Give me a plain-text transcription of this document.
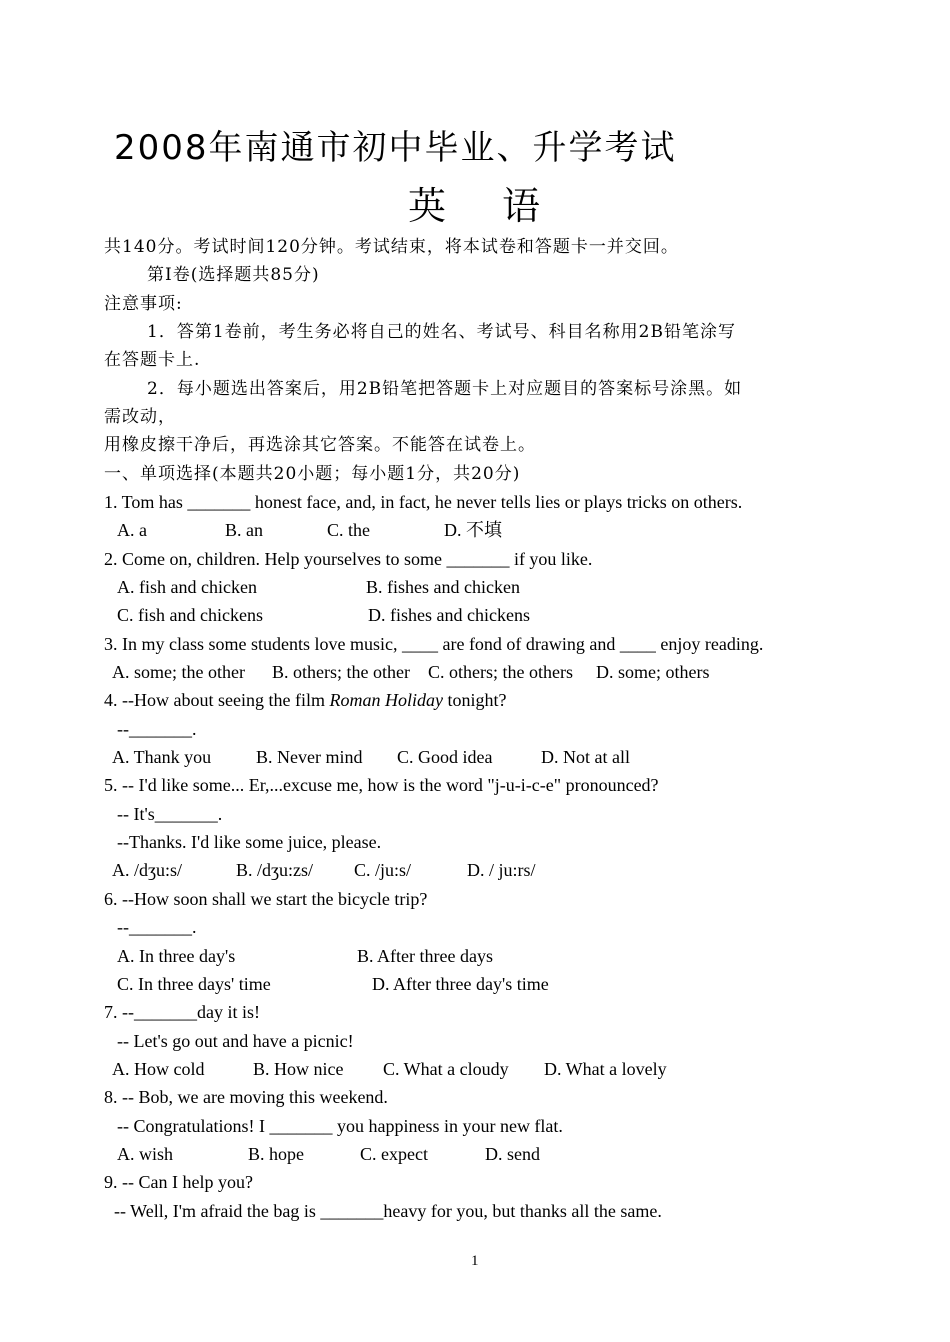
2008年南通市初中毕业、升学考试
英 语
共140分。考试时间120分钟。考试结束，将本试卷和答题卡一并交回。
第Ⅰ卷(选择题共85分)
注意事项:
1．答第1卷前，考生务必将自己的姓名、考试号、科目名称用2B铅笔涂写
在答题卡上.
2．每小题选出答案后，用2B铅笔把答题卡上对应题目的答案标号涂黑。如
需改动，
用橡皮擦干净后，再选涂其它答案。不能答在试卷上。
一、单项选择(本题共20小题；每小题1分，共20分)
1. Tom has _______ honest face, and, in fact, he never tells lies or plays tricks on others.
A. a	B. an	C. the	D. 不填
2. Come on, children. Help yourselves to some _______ if you like.
A. fish and chicken	B. fishes and chicken
C. fish and chickens	D. fishes and chickens
3. In my class some students love music, ____ are fond of drawing and ____ enjoy reading.
A. some; the other B. others; the other C. others; the others D. some; others
4. --How about seeing the film Roman Holiday tonight?
--_______.
A. Thank you B. Never mind C. Good idea	D. Not at all
5. -- I'd like some... Er,...excuse me, how is the word "j-u-i-c-e" pronounced?
-- It's_______.
--Thanks. I'd like some juice, please.
A. /dʒu:s/	B. /dʒu:zs/ C. /ju:s/	D. / ju:rs/
6. --How soon shall we start the bicycle trip?
--_______.
A. In three day's	B. After three days
C. In three days' time	D. After three day's time
7. --_______day it is!
-- Let's go out and have a picnic!
A. How cold	B. How nice C. What a cloudy D. What a lovely
8. -- Bob, we are moving this weekend.
-- Congratulations! I _______ you happiness in your new flat.
A. wish	B. hope	C. expect	D. send
9. -- Can I help you?
-- Well, I'm afraid the bag is _______heavy for you, but thanks all the same.
1
